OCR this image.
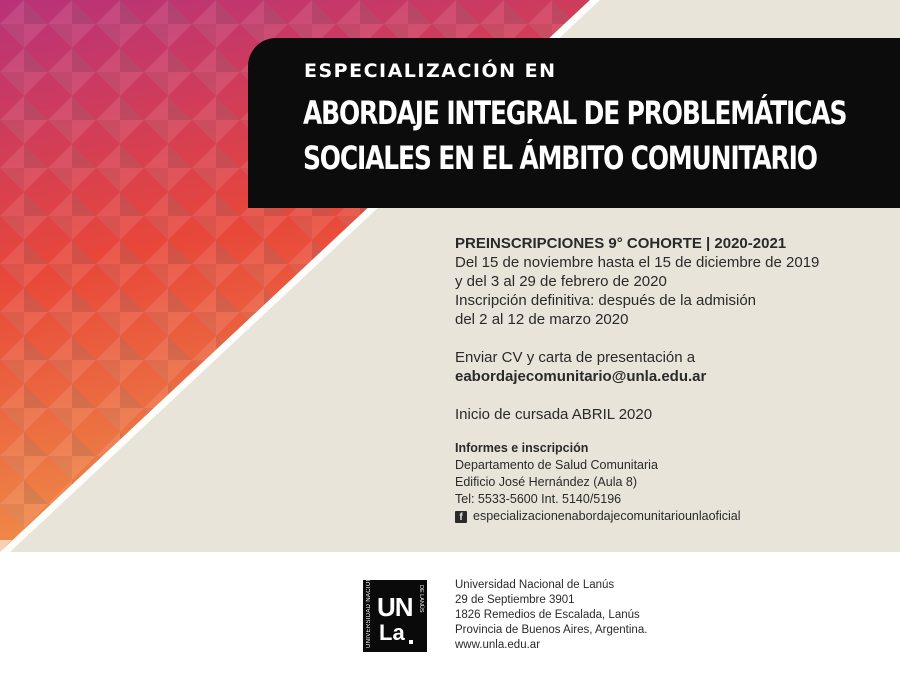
ESPECIALIZACIÓN EN
ABORDAJE INTEGRAL DE PROBLEMÁTICAS
SOCIALES EN EL ÁMBITO COMUNITARIO
PREINSCRIPCIONES 9° COHORTE | 2020-2021
Del 15 de noviembre hasta el 15 de diciembre de 2019
y del 3 al 29 de febrero de 2020
Inscripción definitiva: después de la admisión
del 2 al 12 de marzo 2020
Enviar CV y carta de presentación a
eabordajecomunitario@unla.edu.ar
Inicio de cursada ABRIL 2020
Informes e inscripción
Departamento de Salud Comunitaria
Edificio José Hernández (Aula 8)
Tel: 5533-5600 Int. 5140/5196
f especializacionenabordajecomunitariounlaoficial
UNIVERSIDAD NACIONAL	DE LANÚS
UN
La
Universidad Nacional de Lanús
29 de Septiembre 3901
1826 Remedios de Escalada, Lanús
Provincia de Buenos Aires, Argentina.
www.unla.edu.ar
